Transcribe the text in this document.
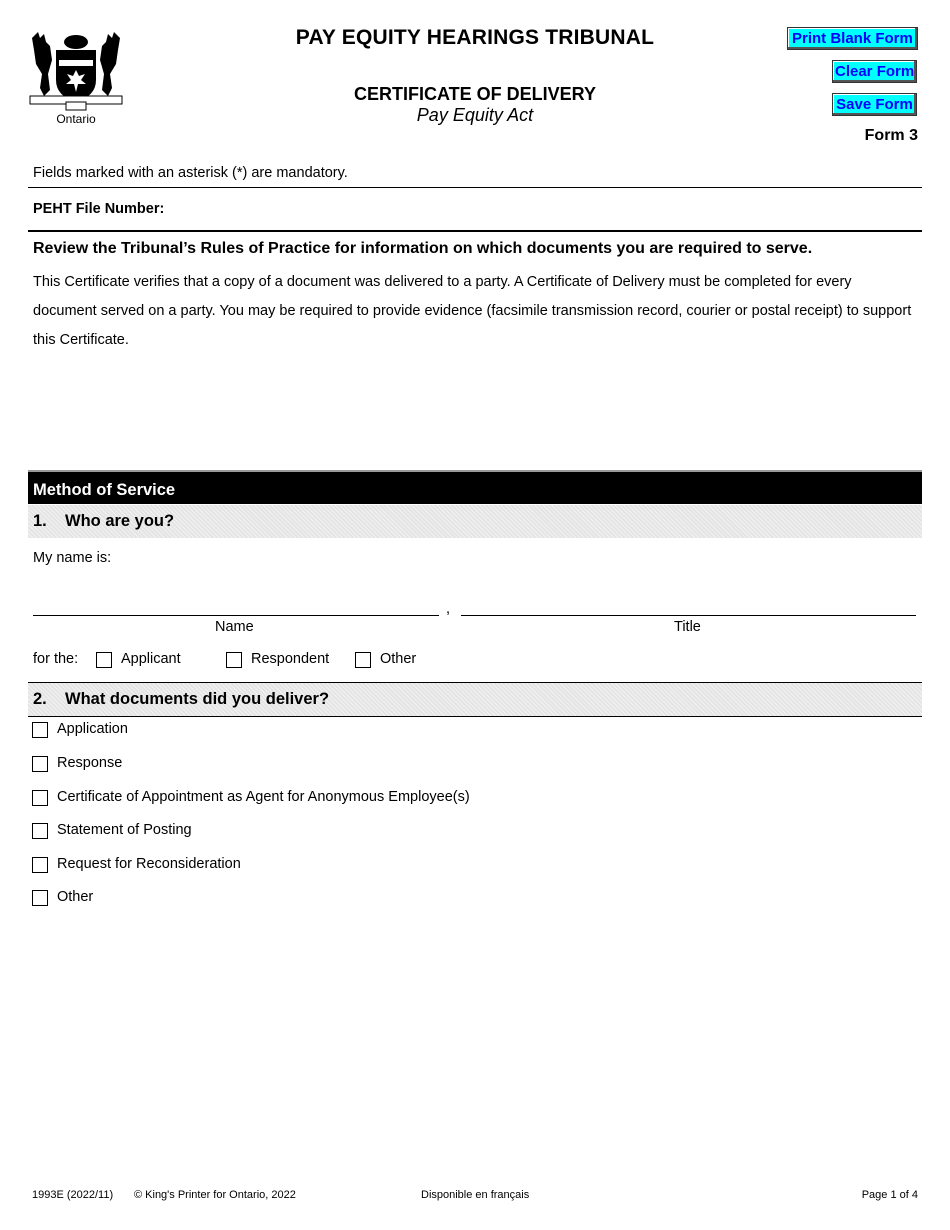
Ontario
PAY EQUITY HEARINGS TRIBUNAL
CERTIFICATE OF DELIVERY
Pay Equity Act
Print Blank Form
Clear Form
Save Form
Form 3
Fields marked with an asterisk (*) are mandatory.
PEHT File Number:
Review the Tribunal’s Rules of Practice for information on which documents you are required to serve.
This Certificate verifies that a copy of a document was delivered to a party. A Certificate of Delivery must be completed for every document served on a party. You may be required to provide evidence (facsimile transmission record, courier or postal receipt) to support this Certificate.
Method of Service
1. Who are you?
My name is:
,
Name	Title
for the:	Applicant	Respondent	Other
2. What documents did you deliver?
Application
Response
Certificate of Appointment as Agent for Anonymous Employee(s)
Statement of Posting
Request for Reconsideration
Other
1993E (2022/11) © King's Printer for Ontario, 2022	Disponible en français	Page 1 of 4
